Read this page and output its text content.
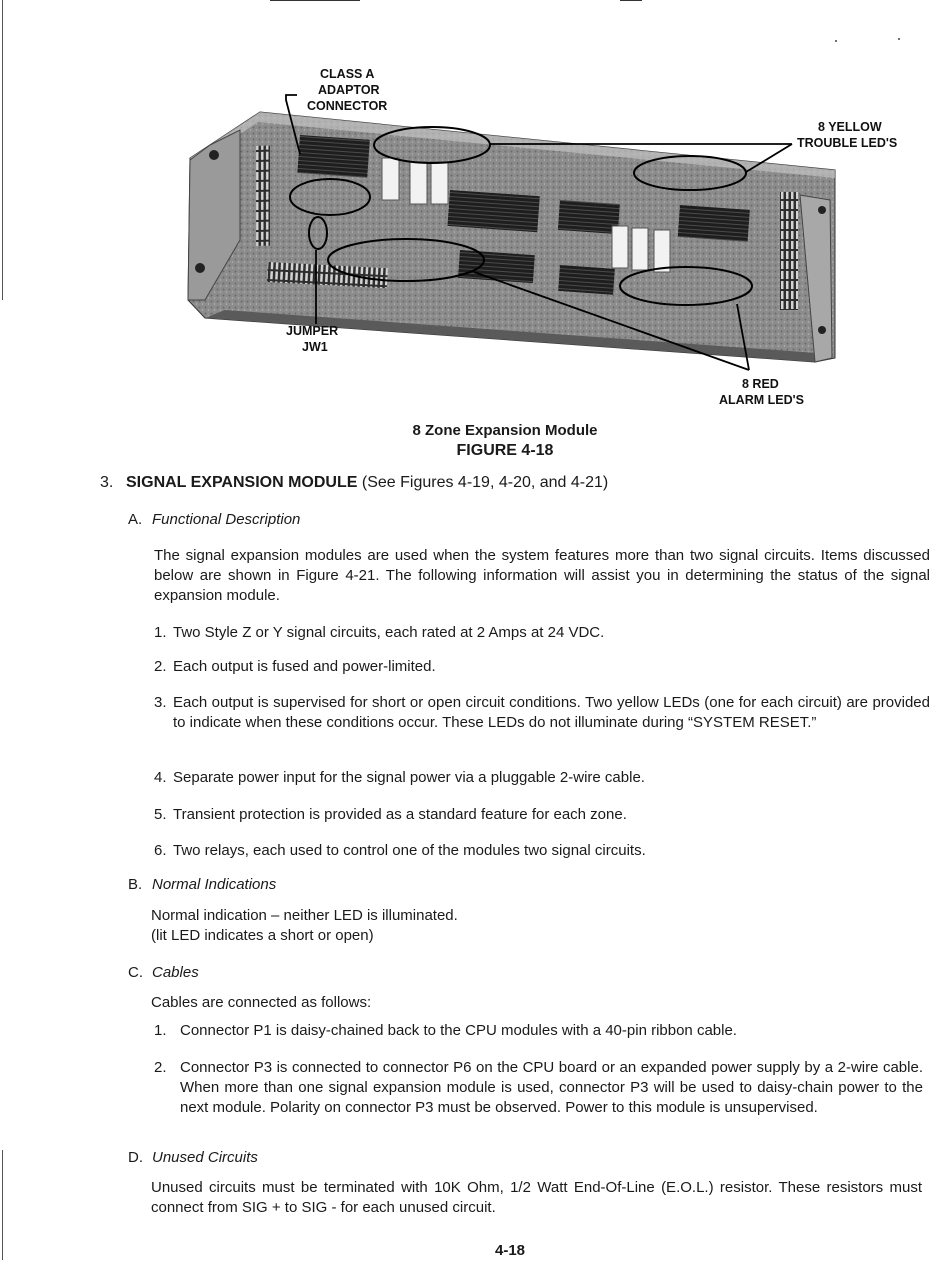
CLASS A
ADAPTOR
CONNECTOR
8 YELLOW
TROUBLE LED'S
JUMPER
JW1
8 RED
ALARM LED'S
8 Zone Expansion Module
FIGURE 4-18
3. SIGNAL EXPANSION MODULE (See Figures 4-19, 4-20, and 4-21)
A. Functional Description
The signal expansion modules are used when the system features more than two signal circuits. Items discussed below are shown in Figure 4-21. The following information will assist you in determining the status of the signal expansion module.
1. Two Style Z or Y signal circuits, each rated at 2 Amps at 24 VDC.
2. Each output is fused and power-limited.
3. Each output is supervised for short or open circuit conditions. Two yellow LEDs (one for each circuit) are provided to indicate when these conditions occur. These LEDs do not illuminate during “SYSTEM RESET.”
4. Separate power input for the signal power via a pluggable 2-wire cable.
5. Transient protection is provided as a standard feature for each zone.
6. Two relays, each used to control one of the modules two signal circuits.
B. Normal Indications
Normal indication – neither LED is illuminated.
(lit LED indicates a short or open)
C. Cables
Cables are connected as follows:
1. Connector P1 is daisy-chained back to the CPU modules with a 40-pin ribbon cable.
2. Connector P3 is connected to connector P6 on the CPU board or an expanded power supply by a 2-wire cable. When more than one signal expansion module is used, connector P3 will be used to daisy-chain power to the next module. Polarity on connector P3 must be observed. Power to this module is unsupervised.
D. Unused Circuits
Unused circuits must be terminated with 10K Ohm, 1/2 Watt End-Of-Line (E.O.L.) resistor. These resistors must connect from SIG + to SIG - for each unused circuit.
4-18
